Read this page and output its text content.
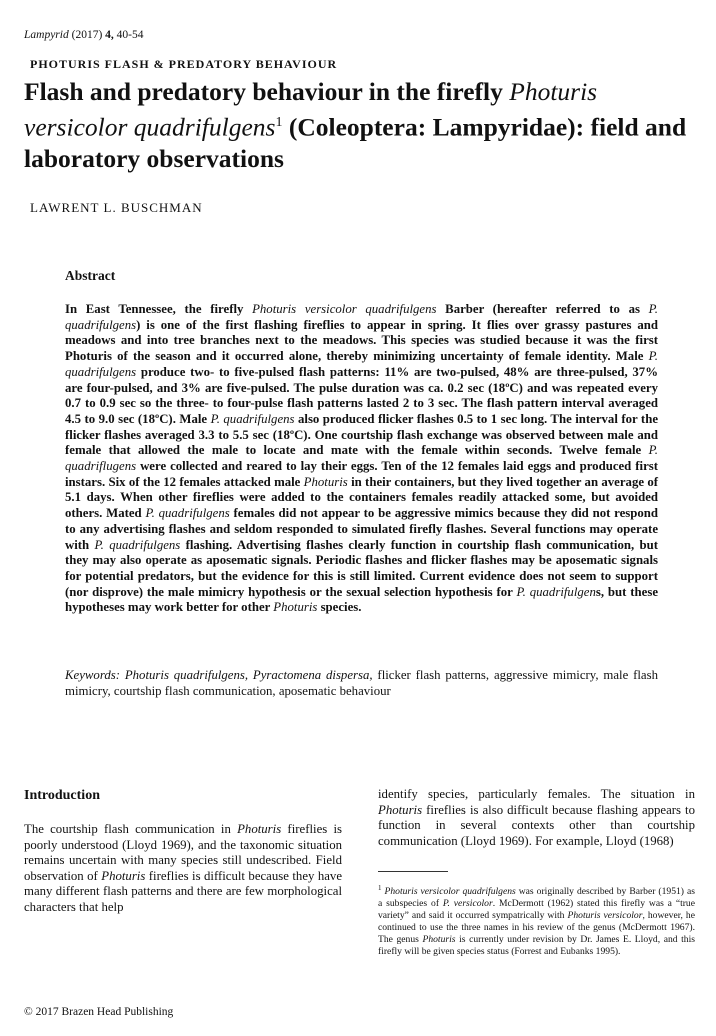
Lampyrid (2017) 4, 40-54
PHOTURIS FLASH & PREDATORY BEHAVIOUR
Flash and predatory behaviour in the firefly Photuris versicolor quadrifulgens$^1$ (Coleoptera: Lampyridae): field and laboratory observations
LAWRENT L. BUSCHMAN
Abstract
In East Tennessee, the firefly Photuris versicolor quadrifulgens Barber (hereafter referred to as P. quadrifulgens) is one of the first flashing fireflies to appear in spring. It flies over grassy pastures and meadows and into tree branches next to the meadows. This species was studied because it was the first Photuris of the season and it occurred alone, thereby minimizing uncertainty of female identity. Male P. quadrifulgens produce two- to five-pulsed flash patterns: 11% are two-pulsed, 48% are three-pulsed, 37% are four-pulsed, and 3% are five-pulsed. The pulse duration was ca. 0.2 sec (18ºC) and was repeated every 0.7 to 0.9 sec so the three- to four-pulse flash patterns lasted 2 to 3 sec. The flash pattern interval averaged 4.5 to 9.0 sec (18ºC). Male P. quadrifulgens also produced flicker flashes 0.5 to 1 sec long. The interval for the flicker flashes averaged 3.3 to 5.5 sec (18ºC). One courtship flash exchange was observed between male and female that allowed the male to locate and mate with the female within seconds. Twelve female P. quadriflugens were collected and reared to lay their eggs. Ten of the 12 females laid eggs and produced first instars. Six of the 12 females attacked male Photuris in their containers, but they lived together an average of 5.1 days. When other fireflies were added to the containers females readily attacked some, but avoided others. Mated P. quadrifulgens females did not appear to be aggressive mimics because they did not respond to any advertising flashes and seldom responded to simulated firefly flashes. Several functions may operate with P. quadrifulgens flashing. Advertising flashes clearly function in courtship flash communication, but they may also operate as aposematic signals. Periodic flashes and flicker flashes may be aposematic signals for potential predators, but the evidence for this is still limited. Current evidence does not seem to support (nor disprove) the male mimicry hypothesis or the sexual selection hypothesis for P. quadrifulgens, but these hypotheses may work better for other Photuris species.
Keywords: Photuris quadrifulgens, Pyractomena dispersa, flicker flash patterns, aggressive mimicry, male flash mimicry, courtship flash communication, aposematic behaviour
Introduction
The courtship flash communication in Photuris fireflies is poorly understood (Lloyd 1969), and the taxonomic situation remains uncertain with many species still undescribed. Field observation of Photuris fireflies is difficult because they have many different flash patterns and there are few morphological characters that help
identify species, particularly females. The situation in Photuris fireflies is also difficult because flashing appears to function in several contexts other than courtship communication (Lloyd 1969). For example, Lloyd (1968)
$^1$ Photuris versicolor quadrifulgens was originally described by Barber (1951) as a subspecies of P. versicolor. McDermott (1962) stated this firefly was a “true variety” and said it occurred sympatrically with Photuris versicolor, however, he continued to use the three names in his review of the genus (McDermott 1967). The genus Photuris is currently under revision by Dr. James E. Lloyd, and this firefly will be given species status (Forrest and Eubanks 1995).
© 2017 Brazen Head Publishing
